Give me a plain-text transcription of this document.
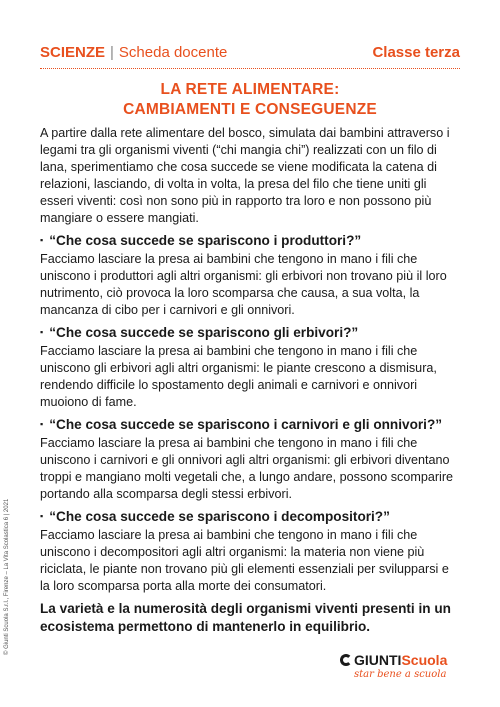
SCIENZE | Scheda docente	Classe terza
LA RETE ALIMENTARE:
CAMBIAMENTI E CONSEGUENZE

A partire dalla rete alimentare del bosco, simulata dai bambini attraverso i legami tra gli organismi viventi (“chi mangia chi”) realizzati con un filo di lana, sperimentiamo che cosa succede se viene modificata la catena di relazioni, lasciando, di volta in volta, la presa del filo che tiene uniti gli esseri viventi: così non sono più in rapporto tra loro e non possono più mangiare o essere mangiati.

▪ “Che cosa succede se spariscono i produttori?”

Facciamo lasciare la presa ai bambini che tengono in mano i fili che uniscono i produttori agli altri organismi: gli erbivori non trovano più il loro nutrimento, ciò provoca la loro scomparsa che causa, a sua volta, la mancanza di cibo per i carnivori e gli onnivori.

▪ “Che cosa succede se spariscono gli erbivori?”

Facciamo lasciare la presa ai bambini che tengono in mano i fili che uniscono gli erbivori agli altri organismi: le piante crescono a dismisura, rendendo difficile lo spostamento degli animali e carnivori e onnivori muoiono di fame.

▪ “Che cosa succede se spariscono i carnivori e gli onnivori?”

Facciamo lasciare la presa ai bambini che tengono in mano i fili che uniscono i carnivori e gli onnivori agli altri organismi: gli erbivori diventano troppi e mangiano molti vegetali che, a lungo andare, possono scomparire portando alla scomparsa degli stessi erbivori.

▪ “Che cosa succede se spariscono i decompositori?”

Facciamo lasciare la presa ai bambini che tengono in mano i fili che uniscono i decompositori agli altri organismi: la materia non viene più riciclata, le piante non trovano più gli elementi essenziali per svilupparsi e la loro scomparsa porta alla morte dei consumatori.

La varietà e la numerosità degli organismi viventi presenti in un ecosistema permettono di mantenerlo in equilibrio.

© Giunti Scuola S.r.l., Firenze – La Vita Scolastica 6 | 2021
GIUNTI Scuola
star bene a scuola
